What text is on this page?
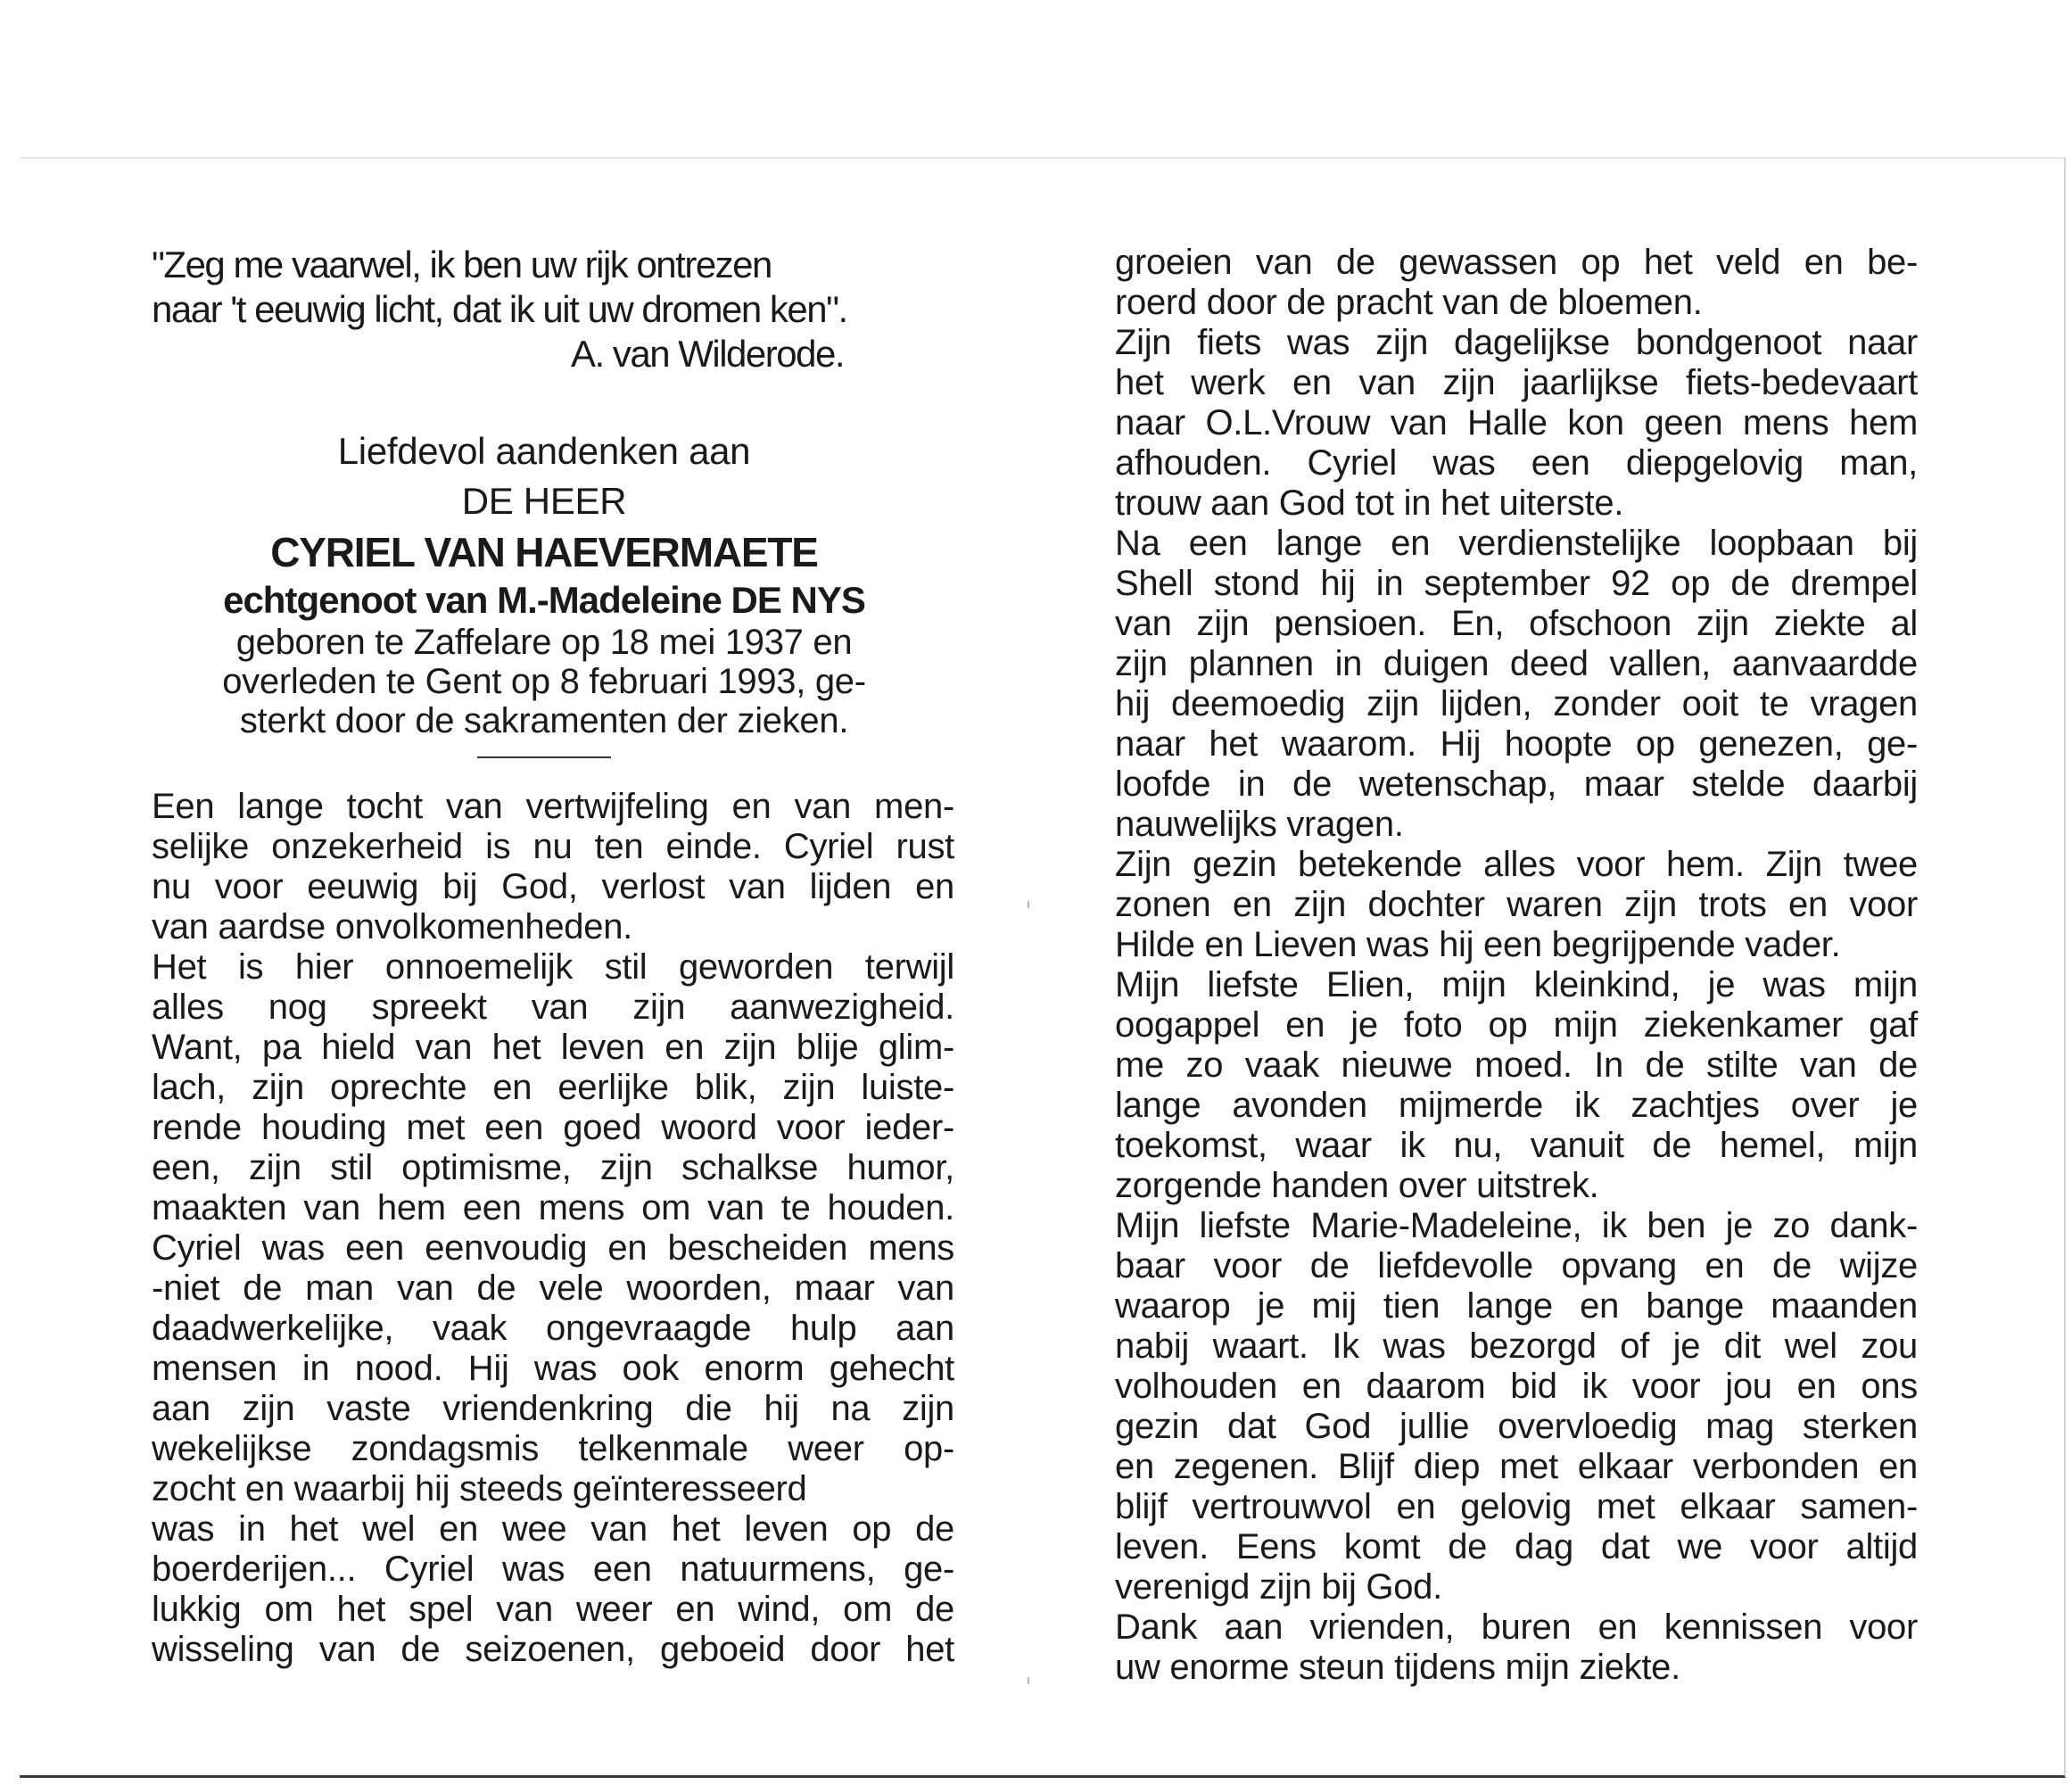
"Zeg me vaarwel, ik ben uw rijk ontrezen
naar 't eeuwig licht, dat ik uit uw dromen ken".
A. van Wilderode.
Liefdevol aandenken aan
DE HEER
CYRIEL VAN HAEVERMAETE
echtgenoot van M.-Madeleine DE NYS
geboren te Zaffelare op 18 mei 1937 en
overleden te Gent op 8 februari 1993, ge-
sterkt door de sakramenten der zieken.
Een lange tocht van vertwijfeling en van men-
selijke onzekerheid is nu ten einde. Cyriel rust
nu voor eeuwig bij God, verlost van lijden en
van aardse onvolkomenheden.
Het is hier onnoemelijk stil geworden terwijl
alles nog spreekt van zijn aanwezigheid.
Want, pa hield van het leven en zijn blije glim-
lach, zijn oprechte en eerlijke blik, zijn luiste-
rende houding met een goed woord voor ieder-
een, zijn stil optimisme, zijn schalkse humor,
maakten van hem een mens om van te houden.
Cyriel was een eenvoudig en bescheiden mens
-niet de man van de vele woorden, maar van
daadwerkelijke, vaak ongevraagde hulp aan
mensen in nood. Hij was ook enorm gehecht
aan zijn vaste vriendenkring die hij na zijn
wekelijkse zondagsmis telkenmale weer op-
zocht en waarbij hij steeds geïnteresseerd
was in het wel en wee van het leven op de
boerderijen... Cyriel was een natuurmens, ge-
lukkig om het spel van weer en wind, om de
wisseling van de seizoenen, geboeid door het
groeien van de gewassen op het veld en be-
roerd door de pracht van de bloemen.
Zijn fiets was zijn dagelijkse bondgenoot naar
het werk en van zijn jaarlijkse fiets-bedevaart
naar O.L.Vrouw van Halle kon geen mens hem
afhouden. Cyriel was een diepgelovig man,
trouw aan God tot in het uiterste.
Na een lange en verdienstelijke loopbaan bij
Shell stond hij in september 92 op de drempel
van zijn pensioen. En, ofschoon zijn ziekte al
zijn plannen in duigen deed vallen, aanvaardde
hij deemoedig zijn lijden, zonder ooit te vragen
naar het waarom. Hij hoopte op genezen, ge-
loofde in de wetenschap, maar stelde daarbij
nauwelijks vragen.
Zijn gezin betekende alles voor hem. Zijn twee
zonen en zijn dochter waren zijn trots en voor
Hilde en Lieven was hij een begrijpende vader.
Mijn liefste Elien, mijn kleinkind, je was mijn
oogappel en je foto op mijn ziekenkamer gaf
me zo vaak nieuwe moed. In de stilte van de
lange avonden mijmerde ik zachtjes over je
toekomst, waar ik nu, vanuit de hemel, mijn
zorgende handen over uitstrek.
Mijn liefste Marie-Madeleine, ik ben je zo dank-
baar voor de liefdevolle opvang en de wijze
waarop je mij tien lange en bange maanden
nabij waart. Ik was bezorgd of je dit wel zou
volhouden en daarom bid ik voor jou en ons
gezin dat God jullie overvloedig mag sterken
en zegenen. Blijf diep met elkaar verbonden en
blijf vertrouwvol en gelovig met elkaar samen-
leven. Eens komt de dag dat we voor altijd
verenigd zijn bij God.
Dank aan vrienden, buren en kennissen voor
uw enorme steun tijdens mijn ziekte.
